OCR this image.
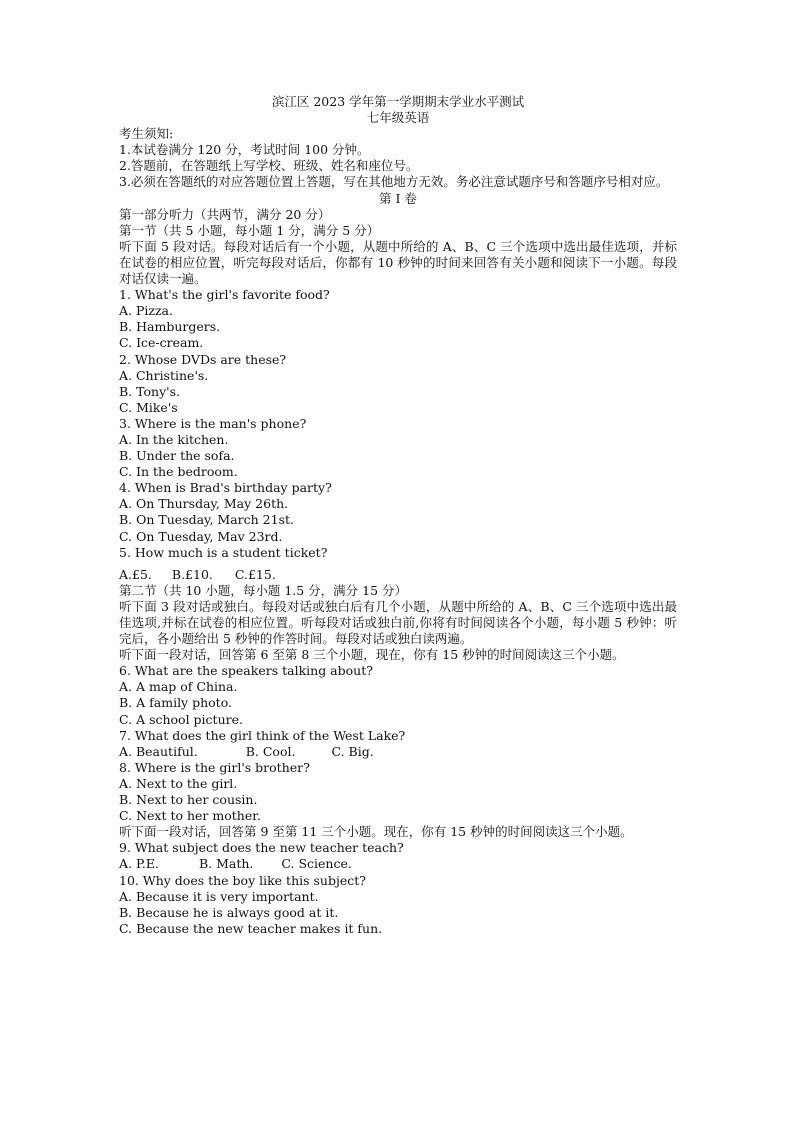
滨江区 2023 学年第一学期期末学业水平测试
七年级英语
考生须知:
1.本试卷满分 120 分，考试时间 100 分钟。
2.答题前，在答题纸上写学校、班级、姓名和座位号。
3.必须在答题纸的对应答题位置上答题，写在其他地方无效。务必注意试题序号和答题序号相对应。
第 I 卷
第一部分听力（共两节，满分 20 分）
第一节（共 5 小题，每小题 1 分，满分 5 分）
听下面 5 段对话。每段对话后有一个小题，从题中所给的 A、B、C 三个选项中选出最佳选项，并标在试卷的相应位置，听完每段对话后，你都有 10 秒钟的时间来回答有关小题和阅读下一小题。每段对话仅读一遍。
1. What's the girl's favorite food?
A. Pizza.
B. Hamburgers.
C. Ice-cream.
2. Whose DVDs are these?
A. Christine's.
B. Tony's.
C. Mike's
3. Where is the man's phone?
A. In the kitchen.
B. Under the sofa.
C. In the bedroom.
4. When is Brad's birthday party?
A. On Thursday, May 26th.
B. On Tuesday, March 21st.
C. On Tuesday, Mav 23rd.
5. How much is a student ticket?
A.£5. B.£10. C.£15.
第二节（共 10 小题，每小题 1.5 分，满分 15 分）
听下面 3 段对话或独白。每段对话或独白后有几个小题，从题中所给的 A、B、C 三个选项中选出最佳选项,并标在试卷的相应位置。听每段对话或独白前,你将有时间阅读各个小题，每小题 5 秒钟：听完后，各小题给出 5 秒钟的作答时间。每段对话或独白读两遍。
听下面一段对话，回答第 6 至第 8 三个小题，现在，你有 15 秒钟的时间阅读这三个小题。
6. What are the speakers talking about?
A. A map of China.
B. A family photo.
C. A school picture.
7. What does the girl think of the West Lake?
A. Beautiful.	B. Cool.	C. Big.
8. Where is the girl's brother?
A. Next to the girl.
B. Next to her cousin.
C. Next to her mother.
听下面一段对话，回答第 9 至第 11 三个小题。现在，你有 15 秒钟的时间阅读这三个小题。
9. What subject does the new teacher teach?
A. P.E.	B. Math. C. Science.
10. Why does the boy like this subject?
A. Because it is very important.
B. Because he is always good at it.
C. Because the new teacher makes it fun.
